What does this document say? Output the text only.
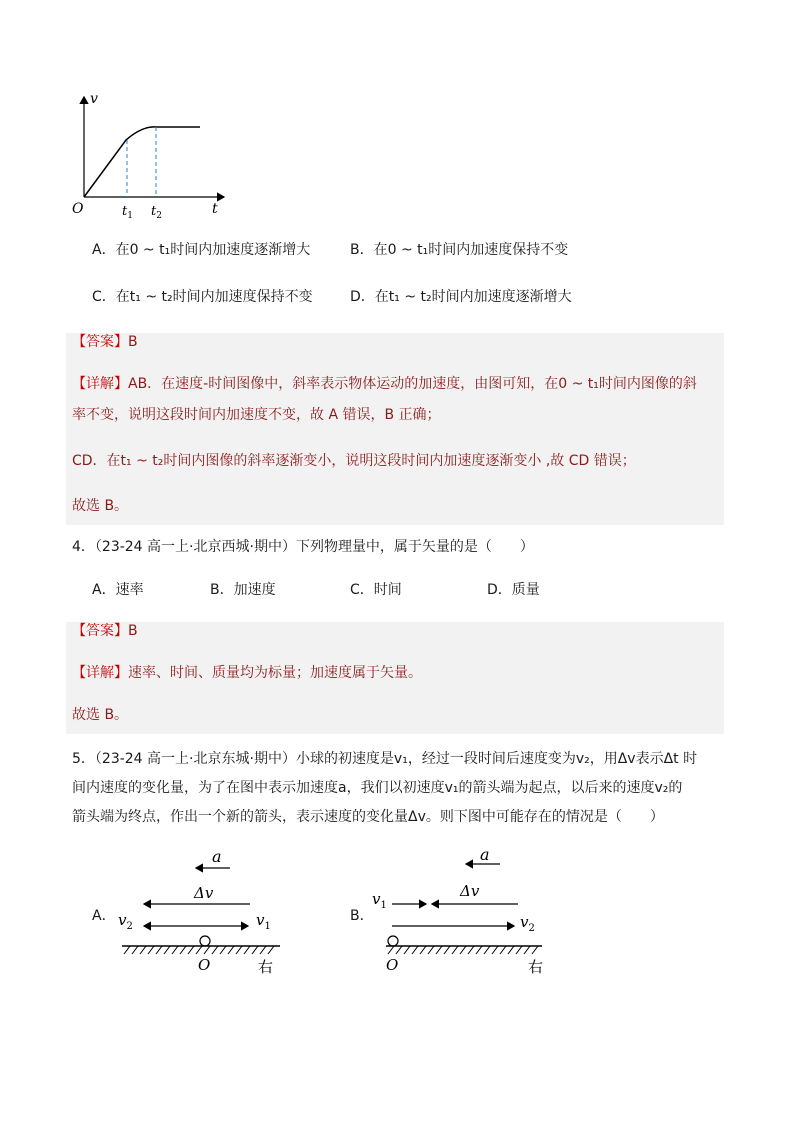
v
t
O	$t_1$ $t_2$
A．在0 ~ t₁时间内加速度逐渐增大	B．在0 ~ t₁时间内加速度保持不变
C．在t₁ ~ t₂时间内加速度保持不变	D．在t₁ ~ t₂时间内加速度逐渐增大
【答案】B
【详解】AB．在速度-时间图像中，斜率表示物体运动的加速度，由图可知，在0 ~ t₁时间内图像的斜
率不变，说明这段时间内加速度不变，故 A 错误，B 正确；
CD．在t₁ ~ t₂时间内图像的斜率逐渐变小，说明这段时间内加速度逐渐变小 ,故 CD 错误；
故选 B。
4．（23-24 高一上·北京西城·期中）下列物理量中，属于矢量的是（　　）
A．速率	B．加速度	C．时间	D．质量
【答案】B
【详解】速率、时间、质量均为标量；加速度属于矢量。
故选 B。
5．（23-24 高一上·北京东城·期中）小球的初速度是v₁，经过一段时间后速度变为v₂，用Δv表示Δt 时
间内速度的变化量，为了在图中表示加速度a，我们以初速度v₁的箭头端为起点，以后来的速度v₂的
箭头端为终点，作出一个新的箭头，表示速度的变化量Δv。则下图中可能存在的情况是（　　）
A．
a
Δv
$v_2$	$v_1$
O	右
B．
a
Δv
$v_1$
$v_2$
O	右
